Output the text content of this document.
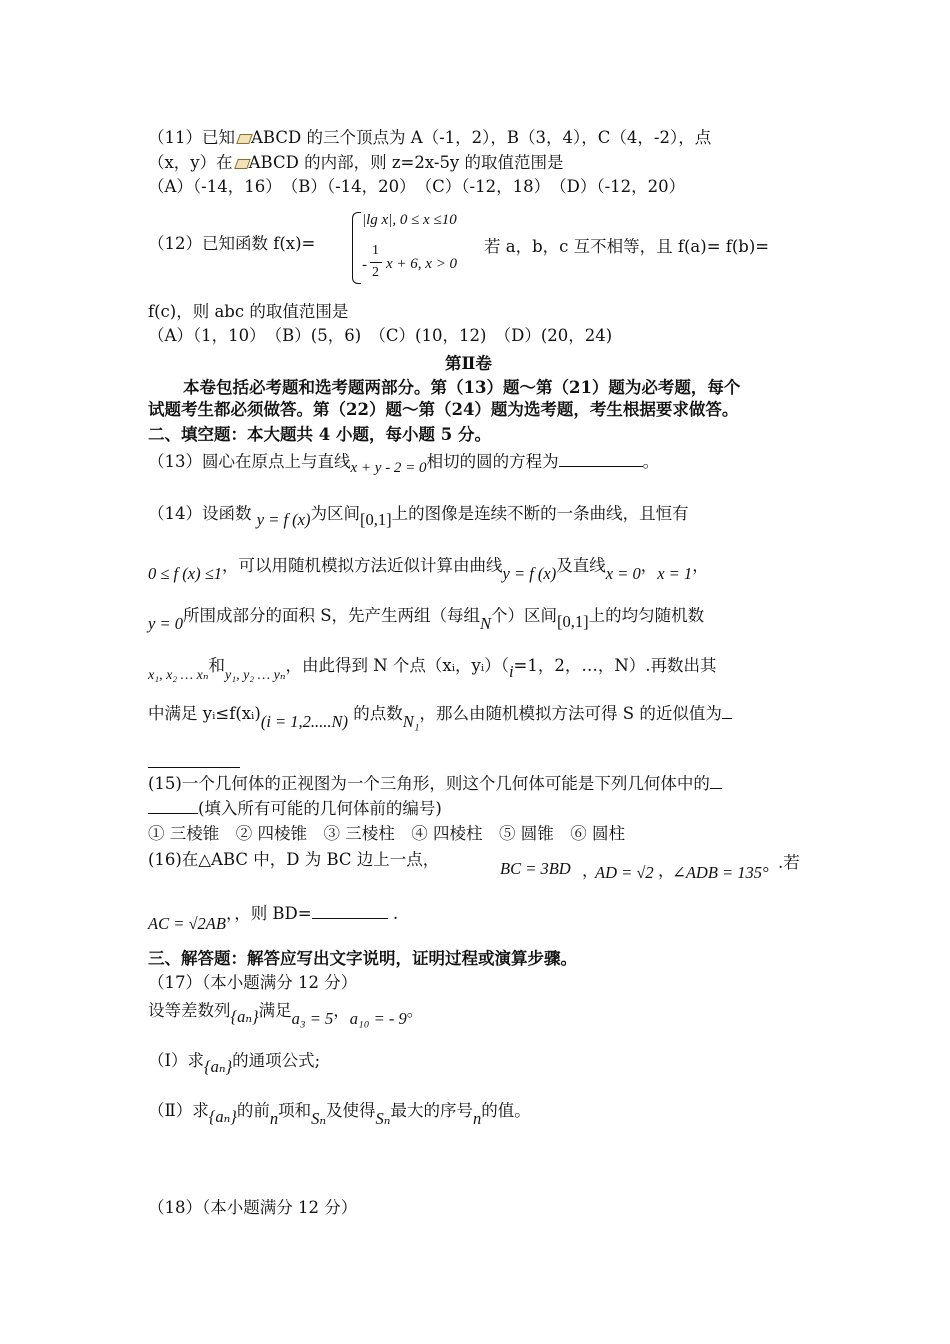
（11）已知 ABCD 的三个顶点为 A（-1，2），B（3，4），C（4，-2），点
（x，y）在 ABCD 的内部，则 z=2x-5y 的取值范围是
（A）（-14，16）　（B）（-14，20）　（C）（-12，18）　（D）（-12，20）
（12）已知函数 f(x)=
|lg x|, 0 ≤ x ≤10
-
1
2
x + 6, x > 0
若 a，b，c 互不相等，且 f(a)= f(b)=
f(c)，则 abc 的取值范围是
（A）（1，10）　（B）(5，6)　（C）(10，12)　（D）(20，24)
第Ⅱ卷
本卷包括必考题和选考题两部分。第（13）题～第（21）题为必考题，每个
试题考生都必须做答。第（22）题～第（24）题为选考题，考生根据要求做答。
二、填空题：本大题共 4 小题，每小题 5 分。
（13）圆心在原点上与直线x + y - 2 = 0相切的圆的方程为	。
（14）设函数 y = f (x)为区间[0,1]上的图像是连续不断的一条曲线，且恒有
0 ≤ f (x) ≤1，可以用随机模拟方法近似计算由曲线y = f (x)及直线x = 0，x = 1，
y = 0所围成部分的面积 S，先产生两组（每组N个）区间[0,1]上的均匀随机数
$_{x_1, x_2 \dots x_n}$和$_{y_1, y_2 \dots y_n}$，由此得到 N 个点（xᵢ，yᵢ）（i=1，2，…，N）.再数出其
中满足 yᵢ≤f(xᵢ)(i = 1,2.....N) 的点数N₁，那么由随机模拟方法可得 S 的近似值为
(15)一个几何体的正视图为一个三角形，则这个几何体可能是下列几何体中的
(填入所有可能的几何体前的编号)
① 三棱锥　② 四棱锥　③ 三棱柱　④ 四棱柱　⑤ 圆锥　⑥ 圆柱
(16)在△ABC 中，D 为 BC 边上一点，	BC = 3BD ，
AD = √2 ，
∠ADB = 135°
.若
AC = √2AB，，则 BD=	.
三、解答题：解答应写出文字说明，证明过程或演算步骤。
（17）（本小题满分 12 分）
设等差数列{aₙ}满足a₃ = 5，a₁₀ = - 9。
（Ⅰ）求{aₙ}的通项公式;
（Ⅱ）求{aₙ}的前n项和Sₙ及使得Sₙ最大的序号n的值。
（18）（本小题满分 12 分）
